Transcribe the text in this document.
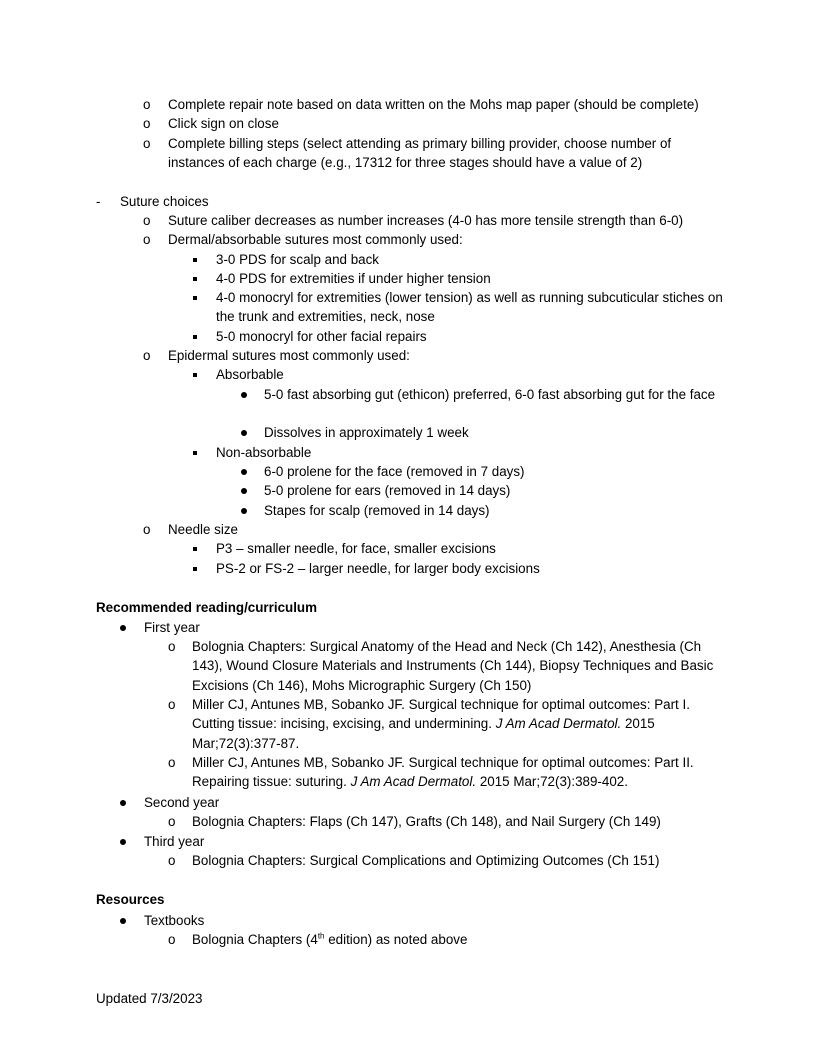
o Complete repair note based on data written on the Mohs map paper (should be complete)
o Click sign on close
o Complete billing steps (select attending as primary billing provider, choose number of instances of each charge (e.g., 17312 for three stages should have a value of 2)
- Suture choices
o Suture caliber decreases as number increases (4-0 has more tensile strength than 6-0)
o Dermal/absorbable sutures most commonly used:
3-0 PDS for scalp and back
4-0 PDS for extremities if under higher tension
4-0 monocryl for extremities (lower tension) as well as running subcuticular stiches on the trunk and extremities, neck, nose
5-0 monocryl for other facial repairs
o Epidermal sutures most commonly used:
Absorbable
5-0 fast absorbing gut (ethicon) preferred, 6-0 fast absorbing gut for the face
Dissolves in approximately 1 week
Non-absorbable
6-0 prolene for the face (removed in 7 days)
5-0 prolene for ears (removed in 14 days)
Stapes for scalp (removed in 14 days)
o Needle size
P3 – smaller needle, for face, smaller excisions
PS-2 or FS-2 – larger needle, for larger body excisions
Recommended reading/curriculum
First year
o Bolognia Chapters: Surgical Anatomy of the Head and Neck (Ch 142), Anesthesia (Ch 143), Wound Closure Materials and Instruments (Ch 144), Biopsy Techniques and Basic Excisions (Ch 146), Mohs Micrographic Surgery (Ch 150)
o Miller CJ, Antunes MB, Sobanko JF. Surgical technique for optimal outcomes: Part I. Cutting tissue: incising, excising, and undermining. J Am Acad Dermatol. 2015 Mar;72(3):377-87.
o Miller CJ, Antunes MB, Sobanko JF. Surgical technique for optimal outcomes: Part II. Repairing tissue: suturing. J Am Acad Dermatol. 2015 Mar;72(3):389-402.
Second year
o Bolognia Chapters: Flaps (Ch 147), Grafts (Ch 148), and Nail Surgery (Ch 149)
Third year
o Bolognia Chapters: Surgical Complications and Optimizing Outcomes (Ch 151)
Resources
Textbooks
o Bolognia Chapters (4th edition) as noted above
Updated 7/3/2023
